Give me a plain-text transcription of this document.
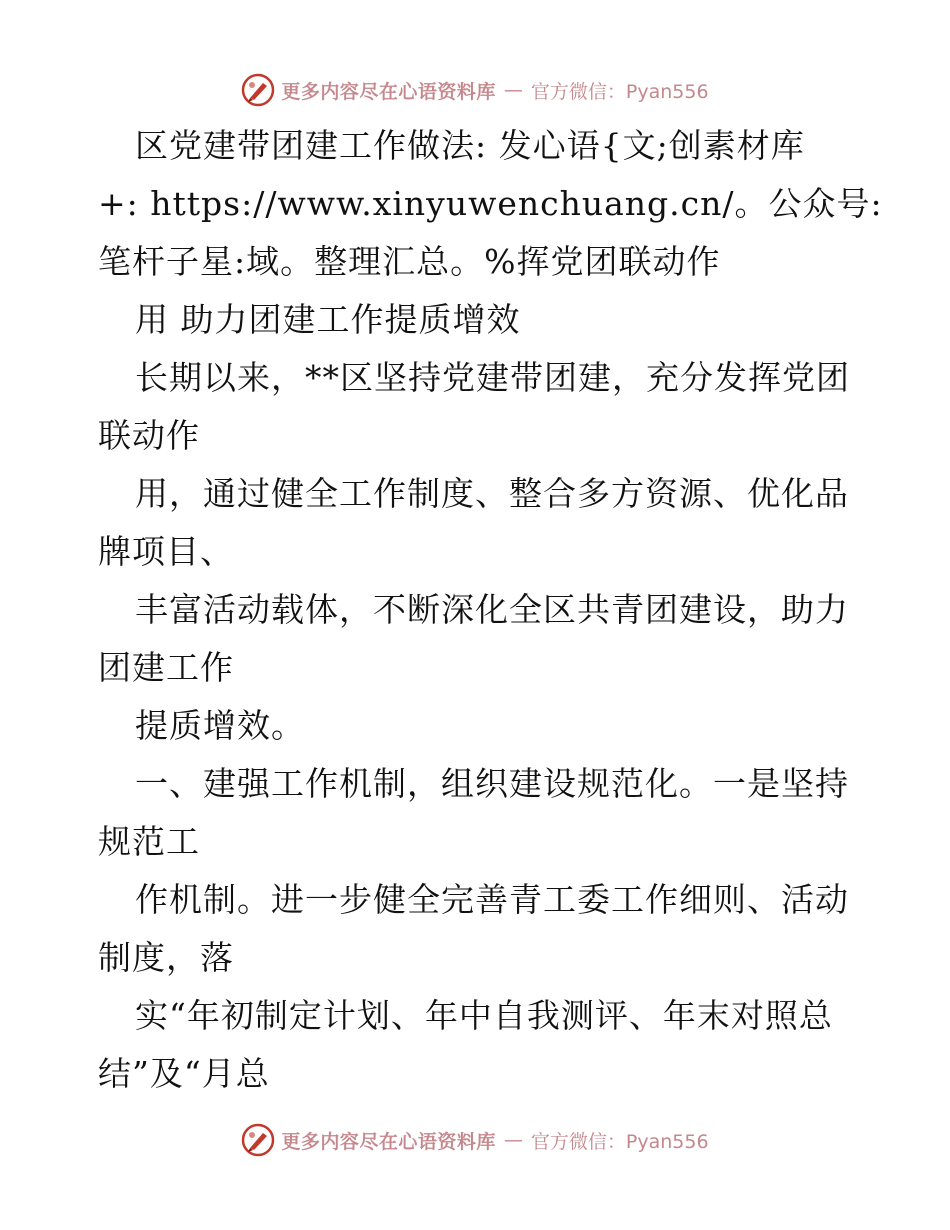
更多内容尽在心语资料库 — 官方微信：Pyan556
区党建带团建工作做法: 发心语{文;创素材库
+: https://www.xinyuwenchuang.cn/。公众号:
笔杆子星:域。整理汇总。%挥党团联动作
用 助力团建工作提质增效
长期以来，**区坚持党建带团建，充分发挥党团
联动作
用，通过健全工作制度、整合多方资源、优化品
牌项目、
丰富活动载体，不断深化全区共青团建设，助力
团建工作
提质增效。
一、建强工作机制，组织建设规范化。一是坚持
规范工
作机制。进一步健全完善青工委工作细则、活动
制度，落
实“年初制定计划、年中自我测评、年末对照总
结”及“月总
更多内容尽在心语资料库 — 官方微信：Pyan556
